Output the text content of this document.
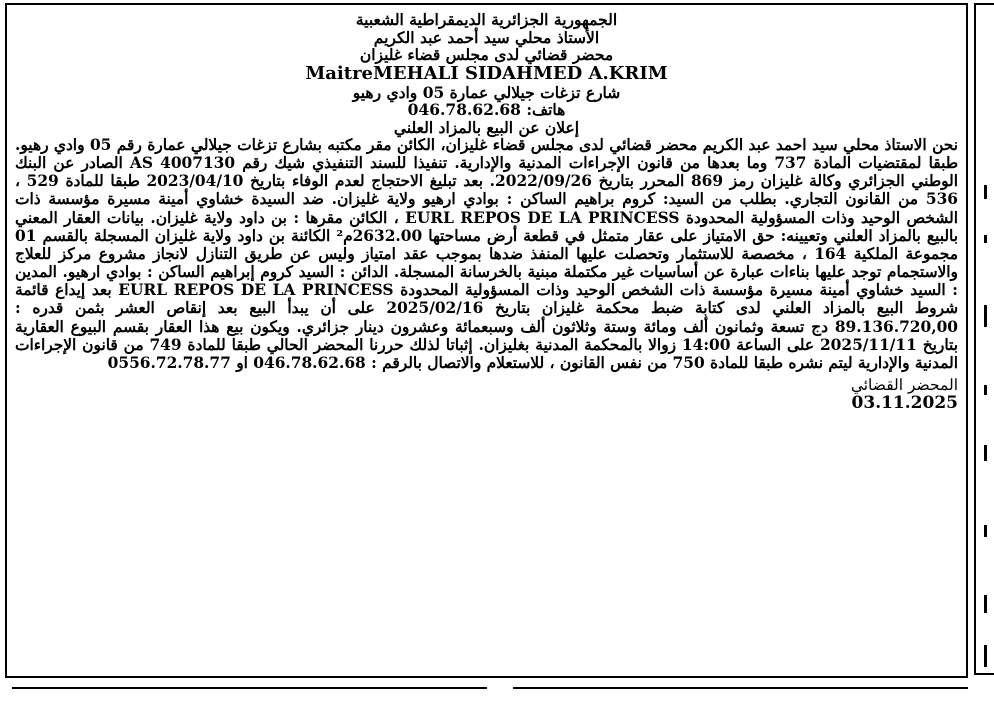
الجمهورية الجزائرية الديمقراطية الشعبية
الأستاذ محلي سيد أحمد عبد الكريم
محضر قضائي لدى مجلس قضاء غليزان
MaitreMEHALI SIDAHMED A.KRIM
شارع تزغات جيلالي عمارة 05 وادي رهيو
هاتف: 046.78.62.68
إعلان عن البيع بالمزاد العلني
نحن الاستاذ محلي سيد احمد عبد الكريم محضر قضائي لدى مجلس قضاء غليزان، الكائن مقر مكتبه بشارع تزغات جيلالي عمارة رقم 05 وادي رهيو. طبقا لمقتضيات المادة 737 وما بعدها من قانون الإجراءات المدنية والإدارية. تنفيذا للسند التنفيذي شيك رقم AS 4007130 الصادر عن البنك الوطني الجزائري وكالة غليزان رمز 869 المحرر بتاريخ 2022/09/26. بعد تبليغ الاحتجاج لعدم الوفاء بتاريخ 2023/04/10 طبقا للمادة 529 ، 536 من القانون التجاري. بطلب من السيد: كروم براهيم الساكن : بوادي ارهيو ولاية غليزان. ضد السيدة خشاوي أمينة مسيرة مؤسسة ذات الشخص الوحيد وذات المسؤولية المحدودة EURL REPOS DE LA PRINCESS ، الكائن مقرها : بن داود ولاية غليزان. بيانات العقار المعني بالبيع بالمزاد العلني وتعيينه: حق الامتياز على عقار متمثل في قطعة أرض مساحتها 2632.00م² الكائنة بن داود ولاية غليزان المسجلة بالقسم 01 مجموعة الملكية 164 ، مخصصة للاستثمار وتحصلت عليها المنفذ ضدها بموجب عقد امتياز وليس عن طريق التنازل لانجاز مشروع مركز للعلاج والاستجمام توجد عليها بناءات عبارة عن أساسيات غير مكتملة مبنية بالخرسانة المسجلة. الدائن : السيد كروم إبراهيم الساكن : بوادي ارهيو. المدين : السيد خشاوي أمينة مسيرة مؤسسة ذات الشخص الوحيد وذات المسؤولية المحدودة EURL REPOS DE LA PRINCESS بعد إيداع قائمة شروط البيع بالمزاد العلني لدى كتابة ضبط محكمة غليزان بتاريخ 2025/02/16 على أن يبدأ البيع بعد إنقاص العشر بثمن قدره : 89.136.720,00 دج تسعة وثمانون ألف ومائة وستة وثلاثون ألف وسبعمائة وعشرون دينار جزائري. ويكون بيع هذا العقار بقسم البيوع العقارية بتاريخ 2025/11/11 على الساعة 14:00 زوالا بالمحكمة المدنية بغليزان. إثباتا لذلك حررنا المحضر الحالي طبقا للمادة 749 من قانون الإجراءات المدنية والإدارية ليتم نشره طبقا للمادة 750 من نفس القانون ، للاستعلام والاتصال بالرقم : 046.78.62.68 او 0556.72.78.77
المحضر القضائي
03.11.2025
